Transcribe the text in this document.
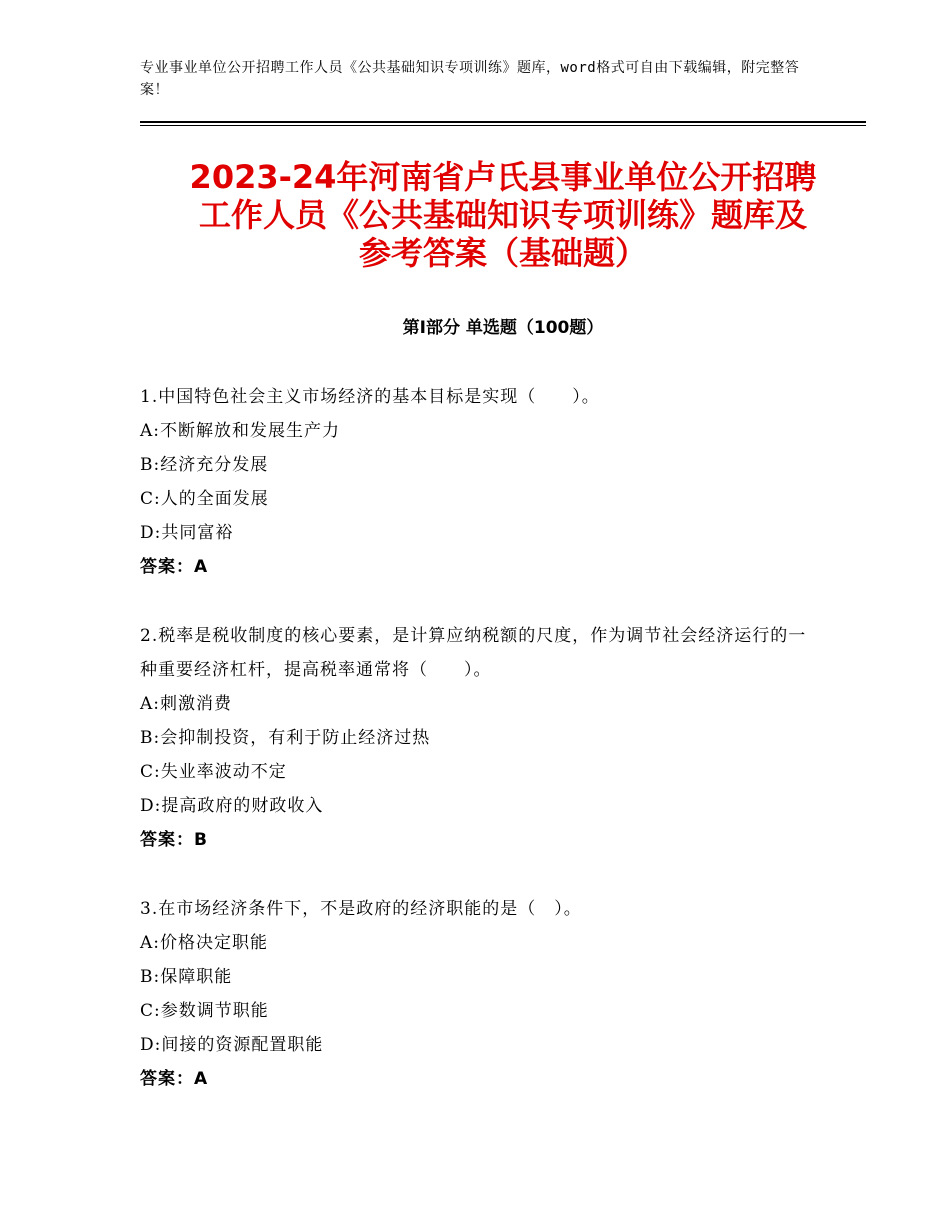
专业事业单位公开招聘工作人员《公共基础知识专项训练》题库，word格式可自由下载编辑，附完整答案！
2023-24年河南省卢氏县事业单位公开招聘
工作人员《公共基础知识专项训练》题库及
参考答案（基础题）
第Ⅰ部分 单选题（100题）
1.中国特色社会主义市场经济的基本目标是实现（　　）。
A:不断解放和发展生产力
B:经济充分发展
C:人的全面发展
D:共同富裕
答案：A
2.税率是税收制度的核心要素，是计算应纳税额的尺度，作为调节社会经济运行的一种重要经济杠杆，提高税率通常将（　　）。
A:刺激消费
B:会抑制投资，有利于防止经济过热
C:失业率波动不定
D:提高政府的财政收入
答案：B
3.在市场经济条件下，不是政府的经济职能的是（　）。
A:价格决定职能
B:保障职能
C:参数调节职能
D:间接的资源配置职能
答案：A
